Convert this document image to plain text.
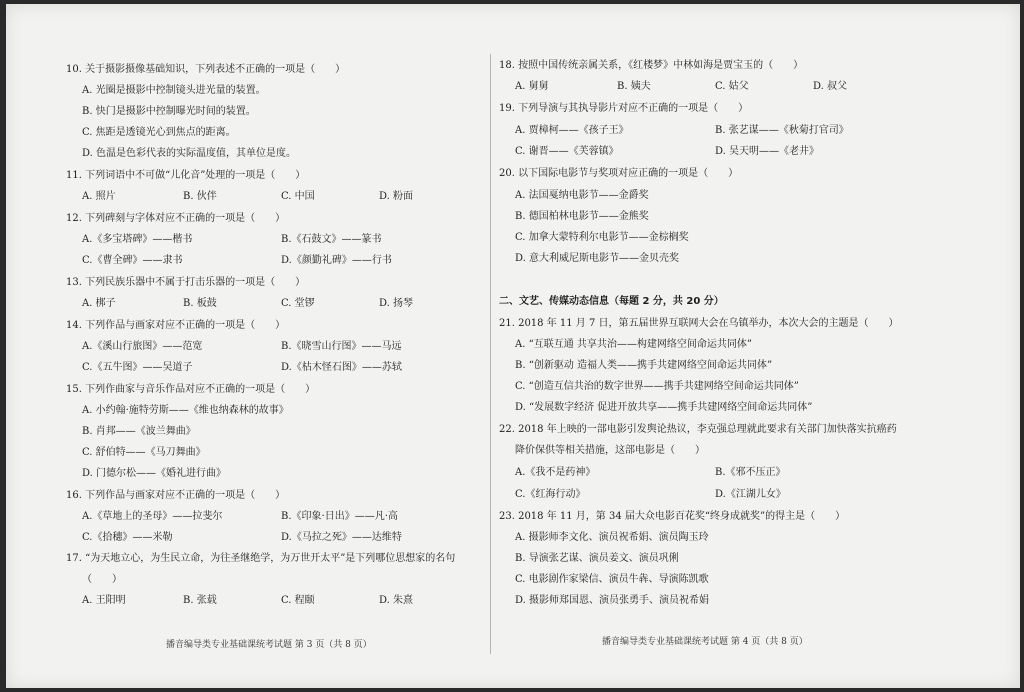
10. 关于摄影摄像基础知识，下列表述不正确的一项是（　　）
A. 光圈是摄影中控制镜头进光量的装置。
B. 快门是摄影中控制曝光时间的装置。
C. 焦距是透镜光心到焦点的距离。
D. 色温是色彩代表的实际温度值，其单位是度。
11. 下列词语中不可做“儿化音”处理的一项是（　　）
A. 照片	B. 伙伴	C. 中国	D. 粉面
12. 下列碑刻与字体对应不正确的一项是（　　）
A.《多宝塔碑》——楷书	B.《石鼓文》——篆书
C.《曹全碑》——隶书	D.《颜勤礼碑》——行书
13. 下列民族乐器中不属于打击乐器的一项是（　　）
A. 梆子	B. 板鼓	C. 堂锣	D. 扬琴
14. 下列作品与画家对应不正确的一项是（　　）
A.《溪山行旅图》——范宽	B.《晓雪山行图》——马远
C.《五牛图》——吴道子	D.《枯木怪石图》——苏轼
15. 下列作曲家与音乐作品对应不正确的一项是（　　）
A. 小约翰·施特劳斯——《维也纳森林的故事》
B. 肖邦——《波兰舞曲》
C. 舒伯特——《马刀舞曲》
D. 门德尔松——《婚礼进行曲》
16. 下列作品与画家对应不正确的一项是（　　）
A.《草地上的圣母》——拉斐尔	B.《印象·日出》——凡·高
C.《拾穗》——米勒	D.《马拉之死》——达维特
17. “为天地立心，为生民立命，为往圣继绝学，为万世开太平”是下列哪位思想家的名句
（　　）
A. 王阳明	B. 张载	C. 程颐	D. 朱熹
播音编导类专业基础课统考试题 第 3 页（共 8 页）
18. 按照中国传统亲属关系，《红楼梦》中林如海是贾宝玉的（　　）
A. 舅舅	B. 姨夫	C. 姑父	D. 叔父
19. 下列导演与其执导影片对应不正确的一项是（　　）
A. 贾樟柯——《孩子王》	B. 张艺谋——《秋菊打官司》
C. 谢晋——《芙蓉镇》	D. 吴天明——《老井》
20. 以下国际电影节与奖项对应正确的一项是（　　）
A. 法国戛纳电影节——金爵奖
B. 德国柏林电影节——金熊奖
C. 加拿大蒙特利尔电影节——金棕榈奖
D. 意大利威尼斯电影节——金贝壳奖
二、文艺、传媒动态信息（每题 2 分，共 20 分）
21. 2018 年 11 月 7 日，第五届世界互联网大会在乌镇举办，本次大会的主题是（　　）
A. “互联互通 共享共治——构建网络空间命运共同体”
B. “创新驱动 造福人类——携手共建网络空间命运共同体”
C. “创造互信共治的数字世界——携手共建网络空间命运共同体”
D. “发展数字经济 促进开放共享——携手共建网络空间命运共同体”
22. 2018 年上映的一部电影引发舆论热议，李克强总理就此要求有关部门加快落实抗癌药
降价保供等相关措施，这部电影是（　　）
A.《我不是药神》	B.《邪不压正》
C.《红海行动》	D.《江湖儿女》
23. 2018 年 11 月，第 34 届大众电影百花奖“终身成就奖”的得主是（　　）
A. 摄影师李文化、演员祝希娟、演员陶玉玲
B. 导演张艺谋、演员姜文、演员巩俐
C. 电影剧作家梁信、演员牛犇、导演陈凯歌
D. 摄影师郑国恩、演员张勇手、演员祝希娟
播音编导类专业基础课统考试题 第 4 页（共 8 页）
